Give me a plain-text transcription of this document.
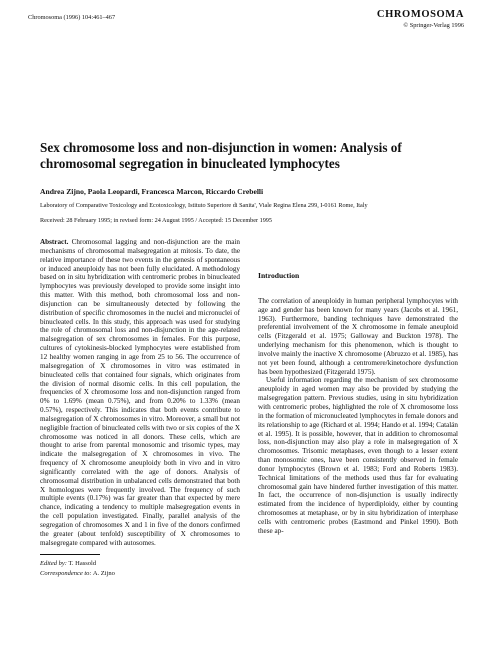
Chromosoma (1996) 104:461–467	CHROMOSOMA
© Springer-Verlag 1996
Sex chromosome loss and non-disjunction in women: Analysis of chromosomal segregation in binucleated lymphocytes
Andrea Zijno, Paola Leopardi, Francesca Marcon, Riccardo Crebelli
Laboratory of Comparative Toxicology and Ecotoxicology, Istituto Superiore di Sanita', Viale Regina Elena 299, I-0161 Rome, Italy
Received: 28 February 1995; in revised form: 24 August 1995 / Accepted: 15 December 1995

Abstract. Chromosomal lagging and non-disjunction are the main mechanisms of chromosomal malsegregation at mitosis. To date, the relative importance of these two events in the genesis of spontaneous or induced aneuploidy has not been fully elucidated. A methodology based on in situ hybridization with centromeric probes in binucleated lymphocytes was previously developed to provide some insight into this matter. With this method, both chromosomal loss and non-disjunction can be simultaneously detected by following the distribution of specific chromosomes in the nuclei and micronuclei of binucleated cells. In this study, this approach was used for studying the role of chromosomal loss and non-disjunction in the age-related malsegregation of sex chromosomes in females. For this purpose, cultures of cytokinesis-blocked lymphocytes were established from 12 healthy women ranging in age from 25 to 56. The occurrence of malsegregation of X chromosomes in vitro was estimated in binucleated cells that contained four signals, which originates from the division of normal disomic cells. In this cell population, the frequencies of X chromosome loss and non-disjunction ranged from 0% to 1.69% (mean 0.75%), and from 0.20% to 1.33% (mean 0.57%), respectively. This indicates that both events contribute to malsegregation of X chromosomes in vitro. Moreover, a small but not negligible fraction of binucleated cells with two or six copies of the X chromosome was noticed in all donors. These cells, which are thought to arise from parental monosomic and trisomic types, may indicate the malsegregation of X chromosomes in vivo. The frequency of X chromosome aneuploidy both in vivo and in vitro significantly correlated with the age of donors. Analysis of chromosomal distribution in unbalanced cells demonstrated that both X homologues were frequently involved. The frequency of such multiple events (0.17%) was far greater than that expected by mere chance, indicating a tendency to multiple malsegregation events in the cell population investigated. Finally, parallel analysis of the segregation of chromosomes X and 1 in five of the donors confirmed the greater (about tenfold) susceptibility of X chromosomes to malsegregate compared with autosomes.

Edited by: T. Hassold
Correspondence to: A. Zijno
Introduction

The correlation of aneuploidy in human peripheral lymphocytes with age and gender has been known for many years (Jacobs et al. 1961, 1963). Furthermore, banding techniques have demonstrated the preferential involvement of the X chromosome in female aneuploid cells (Fitzgerald et al. 1975; Galloway and Buckton 1978). The underlying mechanism for this phenomenon, which is thought to involve mainly the inactive X chromosome (Abruzzo et al. 1985), has not yet been found, although a centromere/kinetochore dysfunction has been hypothesized (Fitzgerald 1975).

Useful information regarding the mechanism of sex chromosome aneuploidy in aged women may also be provided by studying the malsegregation pattern. Previous studies, using in situ hybridization with centromeric probes, highlighted the role of X chromosome loss in the formation of micronucleated lymphocytes in female donors and its relationship to age (Richard et al. 1994; Hando et al. 1994; Catalán et al. 1995). It is possible, however, that in addition to chromosomal loss, non-disjunction may also play a role in malsegregation of X chromosomes. Trisomic metaphases, even though to a lesser extent than monosomic ones, have been consistently observed in female donor lymphocytes (Brown et al. 1983; Ford and Roberts 1983). Technical limitations of the methods used thus far for evaluating chromosomal gain have hindered further investigation of this matter. In fact, the occurrence of non-disjunction is usually indirectly estimated from the incidence of hyperdiploidy, either by counting chromosomes at metaphase, or by in situ hybridization of interphase cells with centromeric probes (Eastmond and Pinkel 1990). Both these ap-
